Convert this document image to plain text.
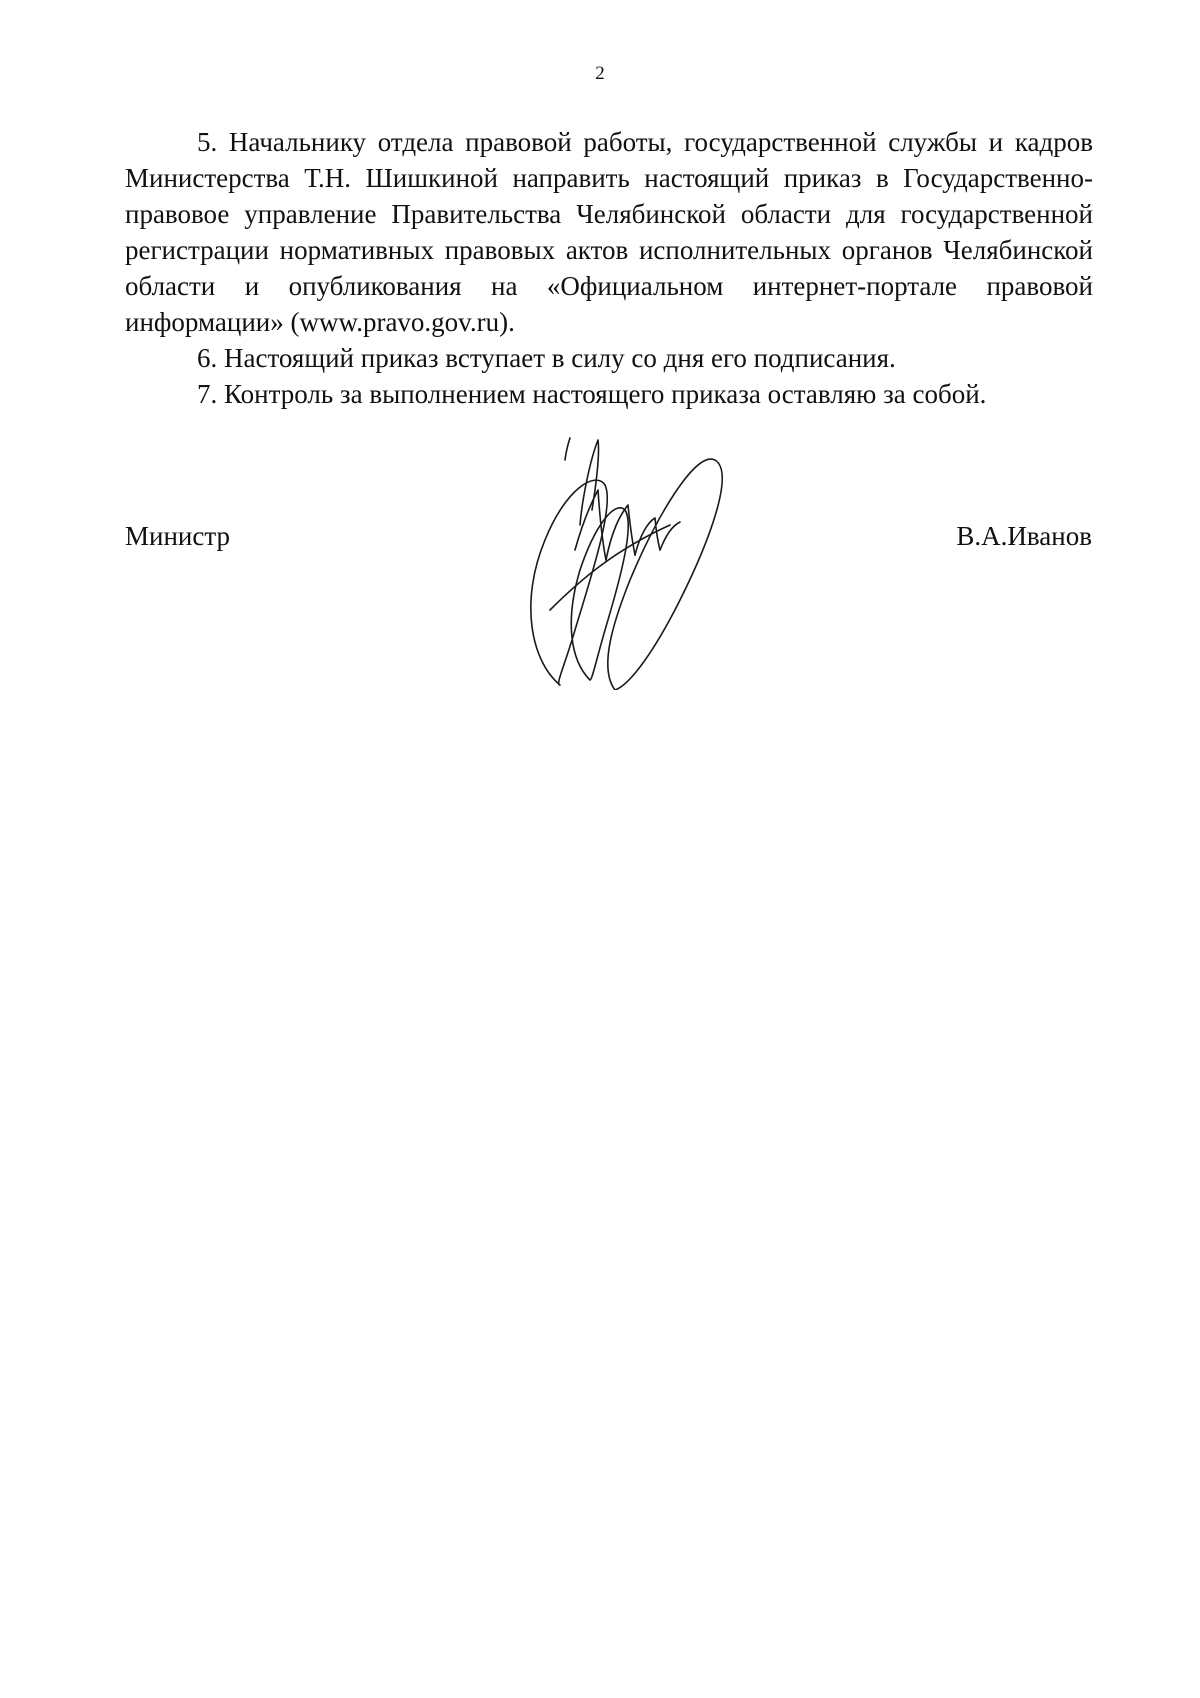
2

5. Начальнику отдела правовой работы, государственной службы и кадров Министерства Т.Н. Шишкиной направить настоящий приказ в Государственно-правовое управление Правительства Челябинской области для государственной регистрации нормативных правовых актов исполнительных органов Челябинской области и опубликования на «Официальном интернет-портале правовой информации» (www.pravo.gov.ru).

6. Настоящий приказ вступает в силу со дня его подписания.

7. Контроль за выполнением настоящего приказа оставляю за собой.

Министр	В.А.Иванов
